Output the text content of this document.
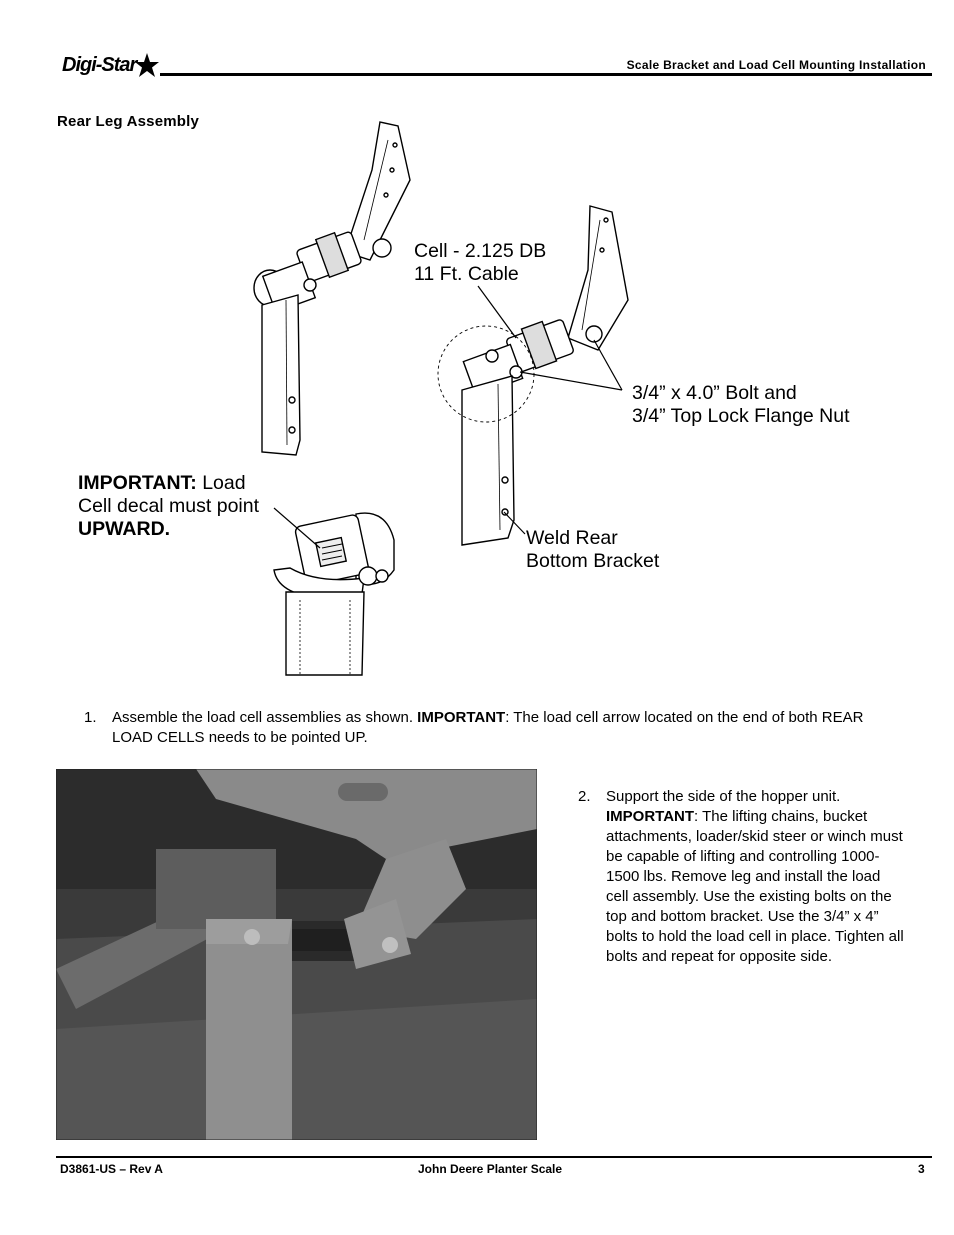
Digi-Star	Scale Bracket and Load Cell Mounting Installation
Rear Leg Assembly
Cell - 2.125 DB
11 Ft. Cable
3/4” x 4.0” Bolt and
3/4” Top Lock Flange Nut
IMPORTANT: Load
Cell decal must point
UPWARD.	Weld Rear
Bottom Bracket
1. Assemble the load cell assemblies as shown. IMPORTANT: The load cell arrow located on the end of both REAR LOAD CELLS needs to be pointed UP.
2. Support the side of the hopper unit. IMPORTANT: The lifting chains, bucket attachments, loader/skid steer or winch must be capable of lifting and controlling 1000-1500 lbs. Remove leg and install the load cell assembly. Use the existing bolts on the top and bottom bracket. Use the 3/4” x 4” bolts to hold the load cell in place. Tighten all bolts and repeat for opposite side.
D3861-US – Rev A	John Deere Planter Scale	3
